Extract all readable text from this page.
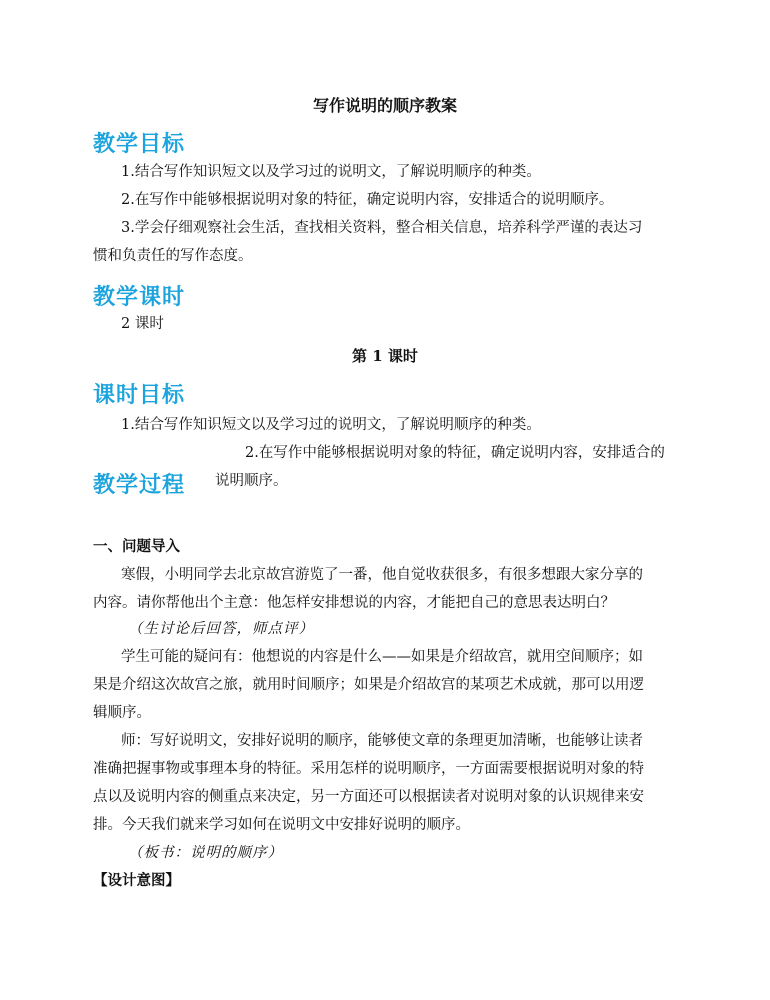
写作说明的顺序教案
教学目标
1.结合写作知识短文以及学习过的说明文，了解说明顺序的种类。
2.在写作中能够根据说明对象的特征，确定说明内容，安排适合的说明顺序。
3.学会仔细观察社会生活，查找相关资料，整合相关信息，培养科学严谨的表达习
惯和负责任的写作态度。
教学课时
2 课时
第 1 课时
课时目标
1.结合写作知识短文以及学习过的说明文，了解说明顺序的种类。
2.在写作中能够根据说明对象的特征，确定说明内容，安排适合的
教学过程 说明顺序。
一、问题导入
寒假，小明同学去北京故宫游览了一番，他自觉收获很多，有很多想跟大家分享的
内容。请你帮他出个主意：他怎样安排想说的内容，才能把自己的意思表达明白？
（生讨论后回答，师点评）
学生可能的疑问有：他想说的内容是什么——如果是介绍故宫，就用空间顺序；如
果是介绍这次故宫之旅，就用时间顺序；如果是介绍故宫的某项艺术成就，那可以用逻
辑顺序。
师：写好说明文，安排好说明的顺序，能够使文章的条理更加清晰，也能够让读者
准确把握事物或事理本身的特征。采用怎样的说明顺序，一方面需要根据说明对象的特
点以及说明内容的侧重点来决定，另一方面还可以根据读者对说明对象的认识规律来安
排。今天我们就来学习如何在说明文中安排好说明的顺序。
（板书：说明的顺序）
【设计意图】
